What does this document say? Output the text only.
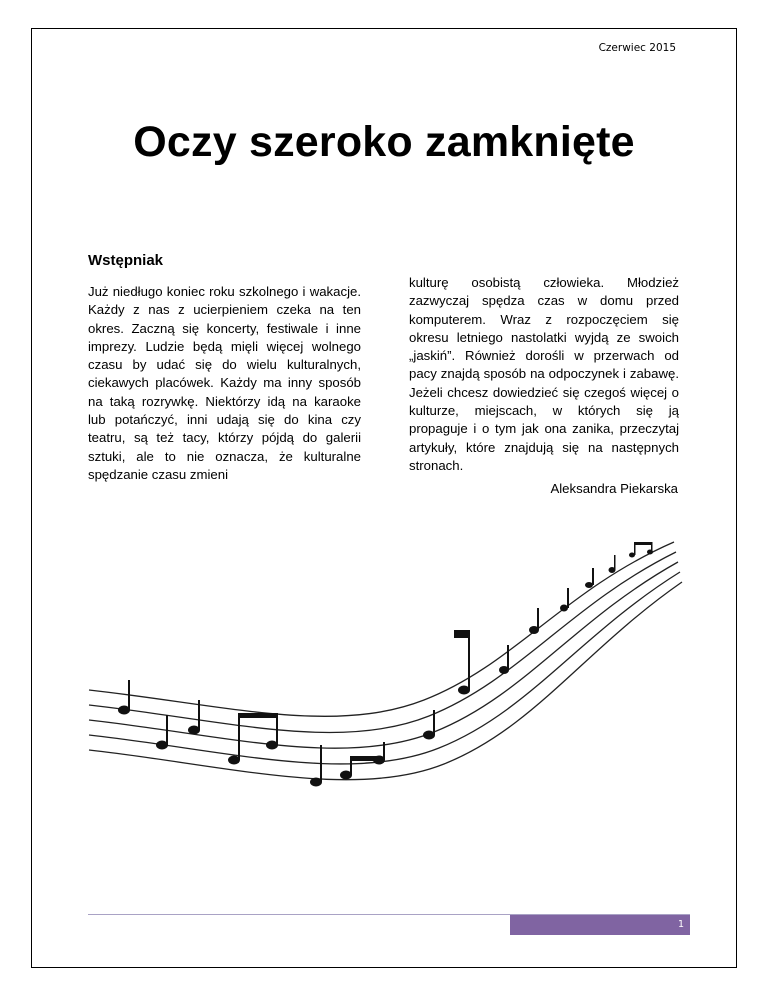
Czerwiec 2015
Oczy szeroko zamknięte
Wstępniak
Już niedługo koniec roku szkolnego i wakacje. Każdy z nas z ucierpieniem czeka na ten okres. Zaczną się koncerty, festiwale i inne imprezy. Ludzie będą mięli więcej wolnego czasu by udać się do wielu kulturalnych, ciekawych placówek. Każdy ma inny sposób na taką rozrywkę. Niektórzy idą na karaoke lub potańczyć, inni udają się do kina czy teatru, są też tacy, którzy pójdą do galerii sztuki, ale to nie oznacza, że kulturalne spędzanie czasu zmieni
kulturę osobistą człowieka. Młodzież zazwyczaj spędza czas w domu przed komputerem. Wraz z rozpoczęciem się okresu letniego nastolatki wyjdą ze swoich „jaskiń”. Również dorośli w przerwach od pacy znajdą sposób na odpoczynek i zabawę. Jeżeli chcesz dowiedzieć się czegoś więcej o kulturze, miejscach, w których się ją propaguje i o tym jak ona zanika, przeczytaj artykuły, które znajdują się na następnych stronach.
Aleksandra Piekarska
1
